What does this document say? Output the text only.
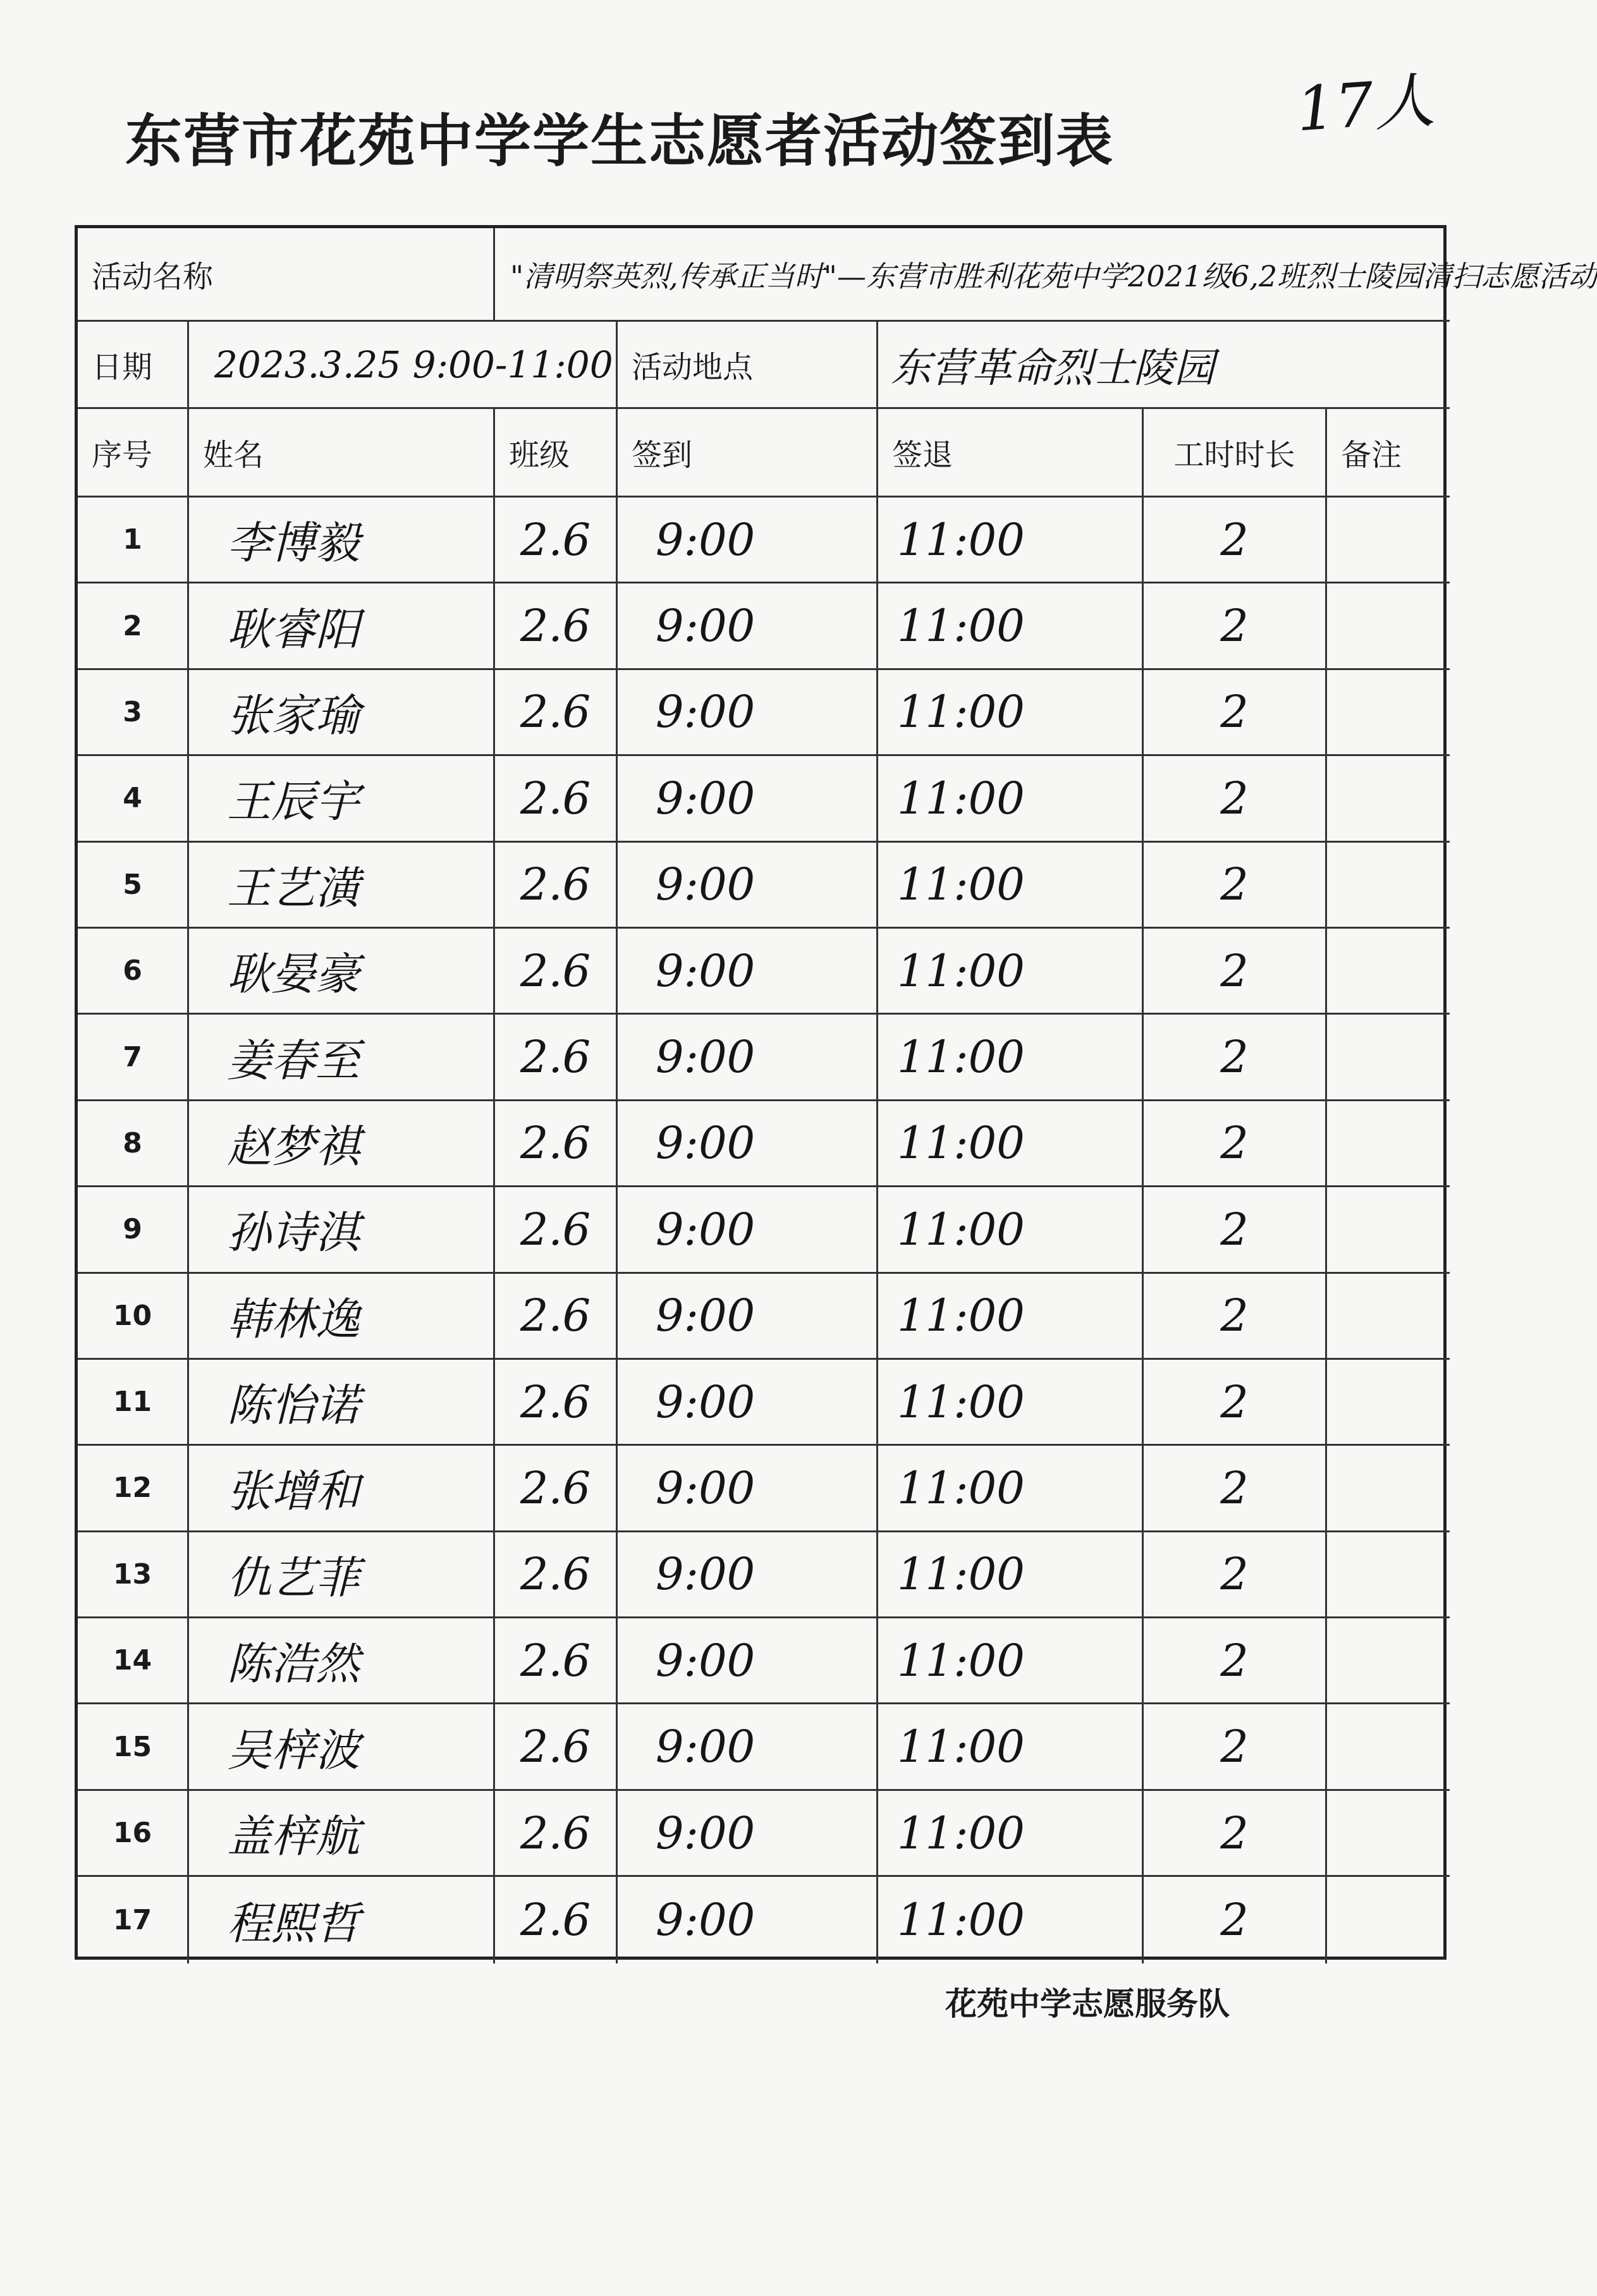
17人
东营市花苑中学学生志愿者活动签到表
活动名称	"清明祭英烈,传承正当时"—东营市胜利花苑中学2021级6,2班烈士陵园清扫志愿活动
日期	2023.3.25 9:00-11:00 活动地点	东营革命烈士陵园
序号	姓名	班级	签到	签退	工时时长	备注
1	李博毅	2.6	9:00	11:00	2
2	耿睿阳	2.6	9:00	11:00	2
3	张家瑜	2.6	9:00	11:00	2
4	王辰宇	2.6	9:00	11:00	2
5	王艺潢	2.6	9:00	11:00	2
6	耿晏豪	2.6	9:00	11:00	2
7	姜春至	2.6	9:00	11:00	2
8	赵梦祺	2.6	9:00	11:00	2
9	孙诗淇	2.6	9:00	11:00	2
10	韩林逸	2.6	9:00	11:00	2
11	陈怡诺	2.6	9:00	11:00	2
12	张增和	2.6	9:00	11:00	2
13	仇艺菲	2.6	9:00	11:00	2
14	陈浩然	2.6	9:00	11:00	2
15	吴梓波	2.6	9:00	11:00	2
16	盖梓航	2.6	9:00	11:00	2
17	程熙哲	2.6	9:00	11:00	2
花苑中学志愿服务队
